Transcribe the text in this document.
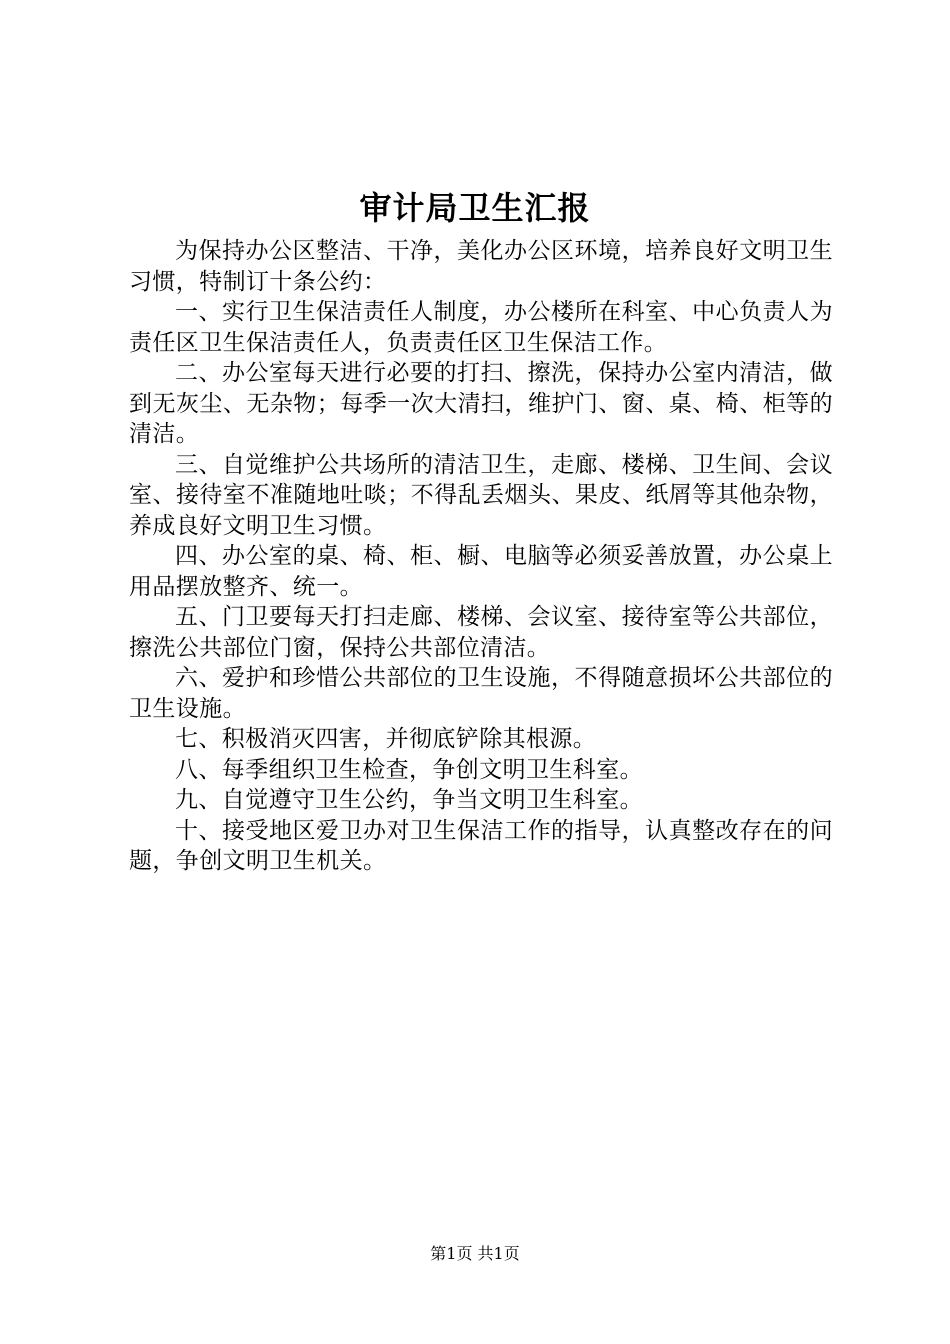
审计局卫生汇报

为保持办公区整洁、干净，美化办公区环境，培养良好文明卫生习惯，特制订十条公约：

一、实行卫生保洁责任人制度，办公楼所在科室、中心负责人为责任区卫生保洁责任人，负责责任区卫生保洁工作。

二、办公室每天进行必要的打扫、擦洗，保持办公室内清洁，做到无灰尘、无杂物；每季一次大清扫，维护门、窗、桌、椅、柜等的清洁。

三、自觉维护公共场所的清洁卫生，走廊、楼梯、卫生间、会议室、接待室不准随地吐啖；不得乱丢烟头、果皮、纸屑等其他杂物，养成良好文明卫生习惯。

四、办公室的桌、椅、柜、橱、电脑等必须妥善放置，办公桌上用品摆放整齐、统一。

五、门卫要每天打扫走廊、楼梯、会议室、接待室等公共部位，擦洗公共部位门窗，保持公共部位清洁。

六、爱护和珍惜公共部位的卫生设施，不得随意损坏公共部位的卫生设施。

七、积极消灭四害，并彻底铲除其根源。

八、每季组织卫生检查，争创文明卫生科室。

九、自觉遵守卫生公约，争当文明卫生科室。

十、接受地区爱卫办对卫生保洁工作的指导，认真整改存在的问题，争创文明卫生机关。

第1页 共1页
